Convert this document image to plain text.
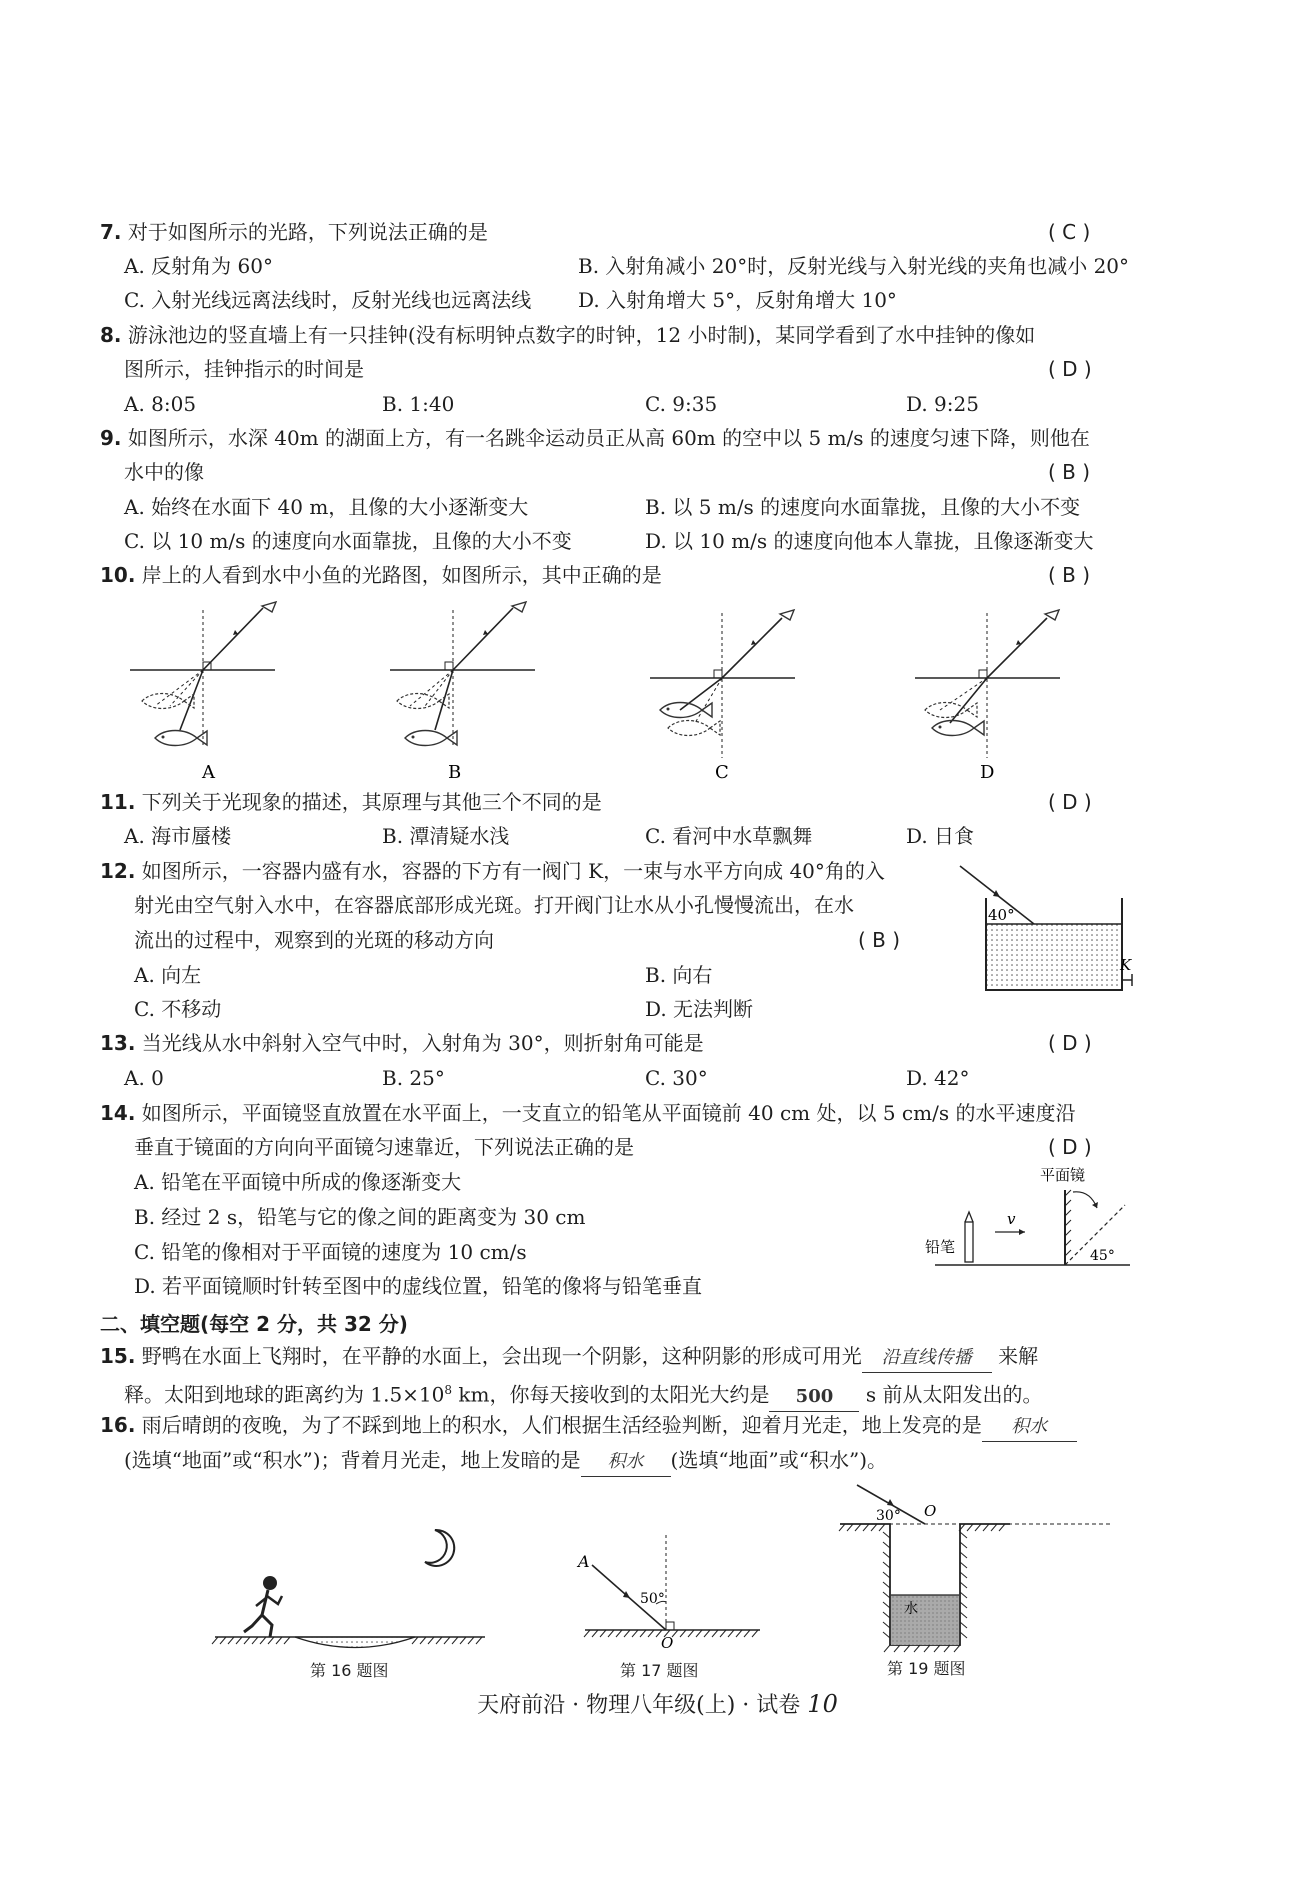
7. 对于如图所示的光路，下列说法正确的是	( C )
A. 反射角为 60°	B. 入射角减小 20°时，反射光线与入射光线的夹角也减小 20°
C. 入射光线远离法线时，反射光线也远离法线 D. 入射角增大 5°，反射角增大 10°
8. 游泳池边的竖直墙上有一只挂钟(没有标明钟点数字的时钟，12 小时制)，某同学看到了水中挂钟的像如
图所示，挂钟指示的时间是	( D )
A. 8:05	B. 1:40	C. 9:35	D. 9:25
9. 如图所示，水深 40m 的湖面上方，有一名跳伞运动员正从高 60m 的空中以 5 m/s 的速度匀速下降，则他在
水中的像	( B )
A. 始终在水面下 40 m，且像的大小逐渐变大	B. 以 5 m/s 的速度向水面靠拢，且像的大小不变
C. 以 10 m/s 的速度向水面靠拢，且像的大小不变	D. 以 10 m/s 的速度向他本人靠拢，且像逐渐变大
10. 岸上的人看到水中小鱼的光路图，如图所示，其中正确的是	( B )
A	B	C	D
11. 下列关于光现象的描述，其原理与其他三个不同的是	( D )
A. 海市蜃楼	B. 潭清疑水浅	C. 看河中水草飘舞	D. 日食
12. 如图所示，一容器内盛有水，容器的下方有一阀门 K，一束与水平方向成 40°角的入
射光由空气射入水中，在容器底部形成光斑。打开阀门让水从小孔慢慢流出，在水
流出的过程中，观察到的光斑的移动方向	( B )
A. 向左	B. 向右
C. 不移动	D. 无法判断
40°
K
13. 当光线从水中斜射入空气中时，入射角为 30°，则折射角可能是	( D )
A. 0	B. 25°	C. 30°	D. 42°
14. 如图所示，平面镜竖直放置在水平面上，一支直立的铅笔从平面镜前 40 cm 处，以 5 cm/s 的水平速度沿
垂直于镜面的方向向平面镜匀速靠近，下列说法正确的是	( D )
A. 铅笔在平面镜中所成的像逐渐变大
B. 经过 2 s，铅笔与它的像之间的距离变为 30 cm
C. 铅笔的像相对于平面镜的速度为 10 cm/s
D. 若平面镜顺时针转至图中的虚线位置，铅笔的像将与铅笔垂直
平面镜
铅笔
v
45°
二、填空题(每空 2 分，共 32 分)
15. 野鸭在水面上飞翔时，在平静的水面上，会出现一个阴影，这种阴影的形成可用光 沿直线传播 来解
释。太阳到地球的距离约为 $1.5\times 10^8$ km，你每天接收到的太阳光大约是 500 s 前从太阳发出的。
16. 雨后晴朗的夜晚，为了不踩到地上的积水，人们根据生活经验判断，迎着月光走，地上发亮的是 积水
(选填“地面”或“积水”)；背着月光走，地上发暗的是 积水 (选填“地面”或“积水”)。
A
50°
O
30° O
水
第 16 题图	第 17 题图	第 19 题图
天府前沿 · 物理八年级(上) · 试卷 10
